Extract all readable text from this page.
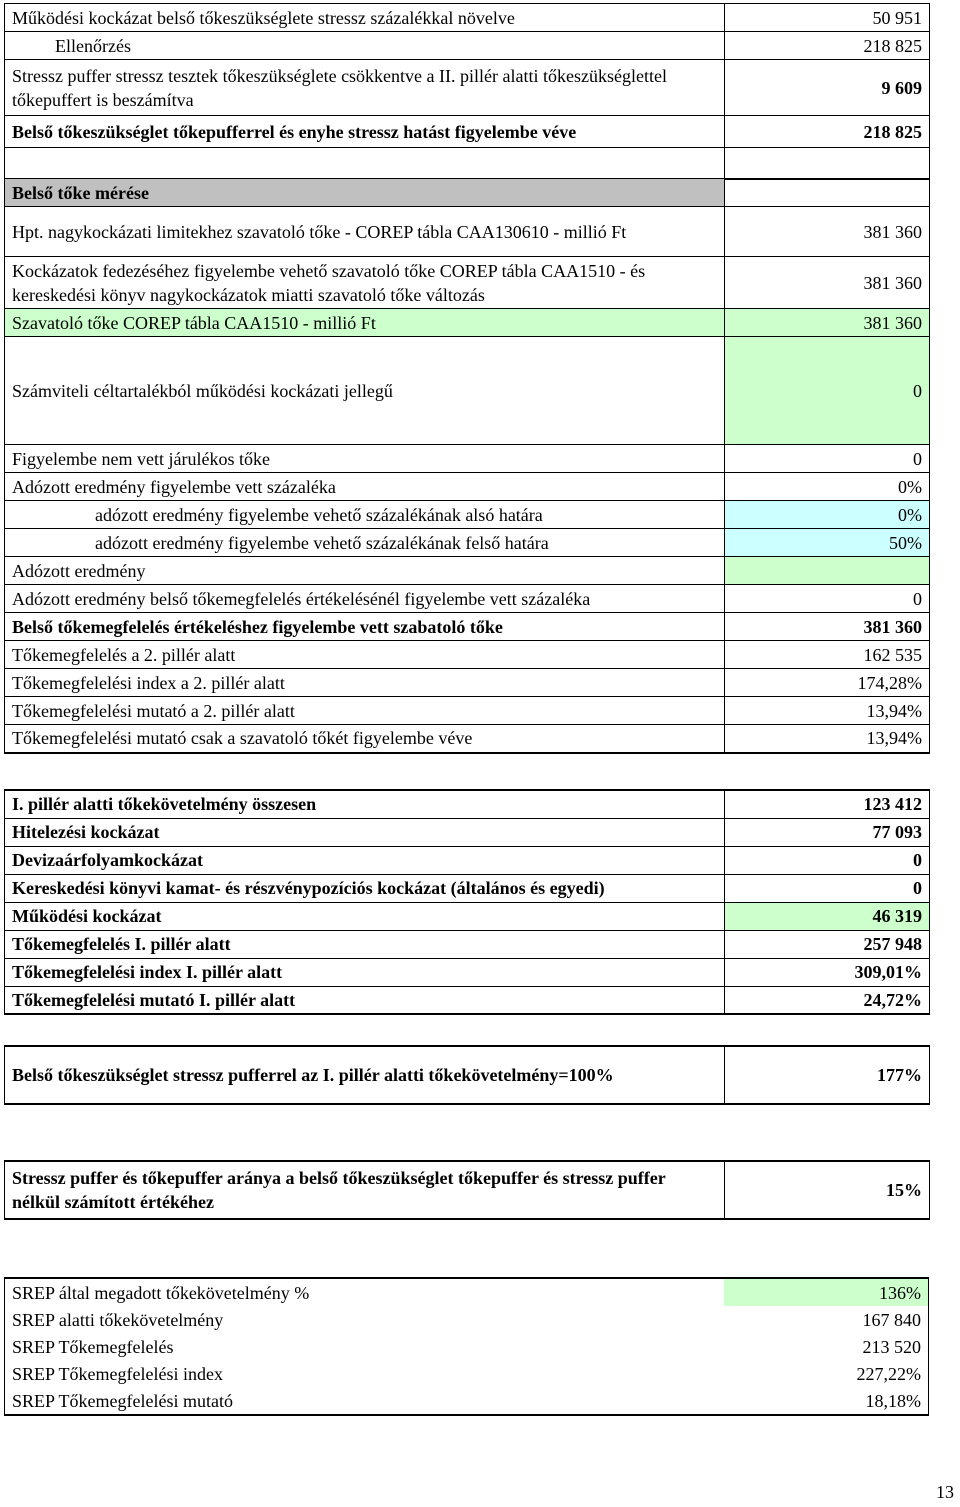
Működési kockázat belső tőkeszükséglete stressz százalékkal növelve	50 951
Ellenőrzés	218 825
Stressz puffer stressz tesztek tőkeszükséglete csökkentve a II. pillér alatti tőkeszükséglettel tőkepuffert is beszámítva	9 609
Belső tőkeszükséglet tőkepufferrel és enyhe stressz hatást figyelembe véve	218 825

Belső tőke mérése	
Hpt. nagykockázati limitekhez szavatoló tőke - COREP tábla CAA130610 - millió Ft	381 360
Kockázatok fedezéséhez figyelembe vehető szavatoló tőke COREP tábla CAA1510 - és kereskedési könyv nagykockázatok miatti szavatoló tőke változás	381 360
Szavatoló tőke COREP tábla CAA1510 - millió Ft	381 360
Számviteli céltartalékból működési kockázati jellegű	0
Figyelembe nem vett járulékos tőke	0
Adózott eredmény figyelembe vett százaléka	0%
adózott eredmény figyelembe vehető százalékának alsó határa	0%
adózott eredmény figyelembe vehető százalékának felső határa	50%
Adózott eredmény	
Adózott eredmény belső tőkemegfelelés értékelésénél figyelembe vett százaléka	0
Belső tőkemegfelelés értékeléshez figyelembe vett szabatoló tőke	381 360
Tőkemegfelelés a 2. pillér alatt	162 535
Tőkemegfelelési index a 2. pillér alatt	174,28%
Tőkemegfelelési mutató a 2. pillér alatt	13,94%
Tőkemegfelelési mutató csak a szavatoló tőkét figyelembe véve	13,94%
I. pillér alatti tőkekövetelmény összesen	123 412
Hitelezési kockázat	77 093
Devizaárfolyamkockázat	0
Kereskedési könyvi kamat- és részvénypozíciós kockázat (általános és egyedi)	0
Működési kockázat	46 319
Tőkemegfelelés I. pillér alatt	257 948
Tőkemegfelelési index I. pillér alatt	309,01%
Tőkemegfelelési mutató I. pillér alatt	24,72%
Belső tőkeszükséglet stressz pufferrel az I. pillér alatti tőkekövetelmény=100%	177%
Stressz puffer és tőkepuffer aránya a belső tőkeszükséglet tőkepuffer és stressz puffer nélkül számított értékéhez	15%
SREP által megadott tőkekövetelmény %	136%
SREP alatti tőkekövetelmény	167 840
SREP Tőkemegfelelés	213 520
SREP Tőkemegfelelési index	227,22%
SREP Tőkemegfelelési mutató	18,18%
13
